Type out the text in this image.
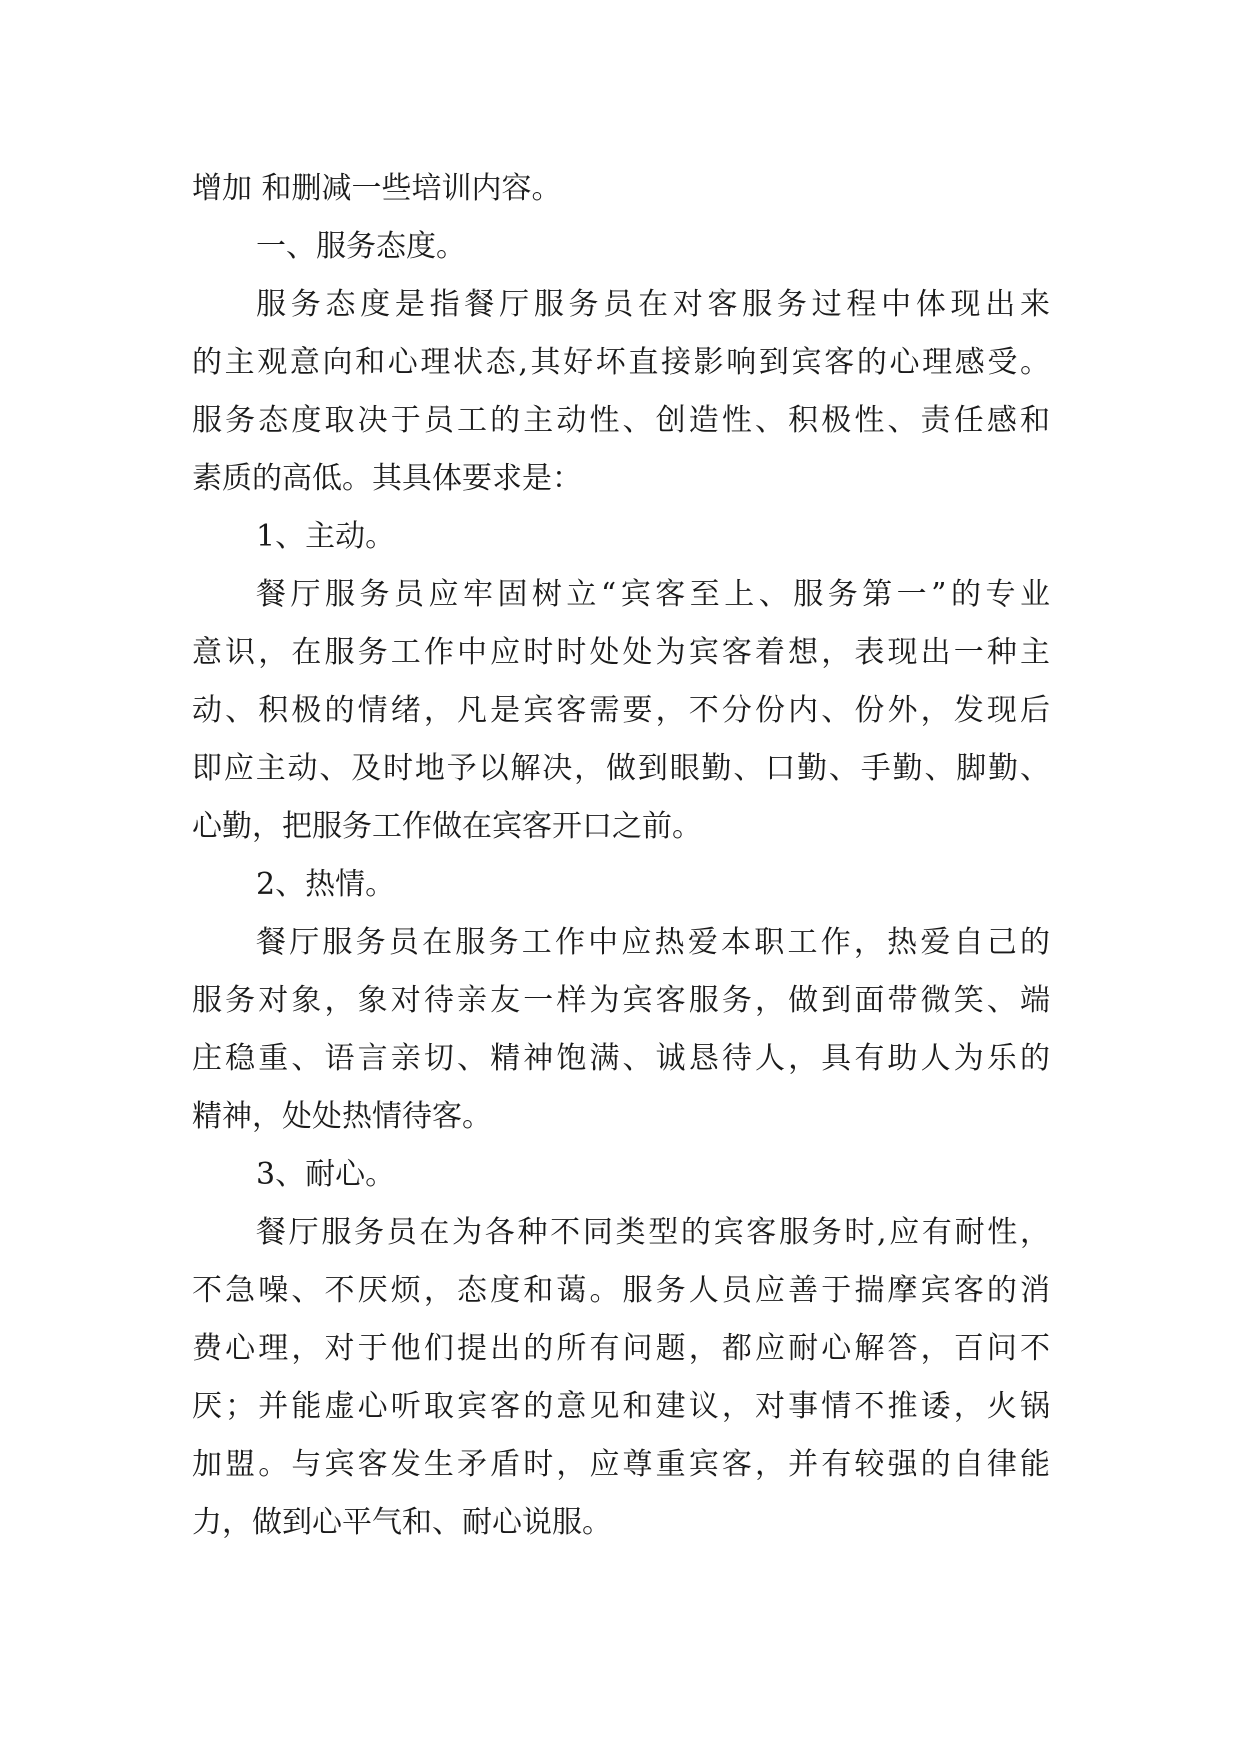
增加 和删减一些培训内容。
一、服务态度。
服务态度是指餐厅服务员在对客服务过程中体现出来
的主观意向和心理状态,其好坏直接影响到宾客的心理感受。
服务态度取决于员工的主动性、创造性、积极性、责任感和
素质的高低。其具体要求是：
1、主动。
餐厅服务员应牢固树立“宾客至上、服务第一”的专业
意识，在服务工作中应时时处处为宾客着想，表现出一种主
动、积极的情绪，凡是宾客需要，不分份内、份外，发现后
即应主动、及时地予以解决，做到眼勤、口勤、手勤、脚勤、
心勤，把服务工作做在宾客开口之前。
2、热情。
餐厅服务员在服务工作中应热爱本职工作，热爱自己的
服务对象，象对待亲友一样为宾客服务，做到面带微笑、端
庄稳重、语言亲切、精神饱满、诚恳待人，具有助人为乐的
精神，处处热情待客。
3、耐心。
餐厅服务员在为各种不同类型的宾客服务时,应有耐性，
不急噪、不厌烦，态度和蔼。服务人员应善于揣摩宾客的消
费心理，对于他们提出的所有问题，都应耐心解答，百问不
厌；并能虚心听取宾客的意见和建议，对事情不推诿，火锅
加盟。与宾客发生矛盾时，应尊重宾客，并有较强的自律能
力，做到心平气和、耐心说服。
